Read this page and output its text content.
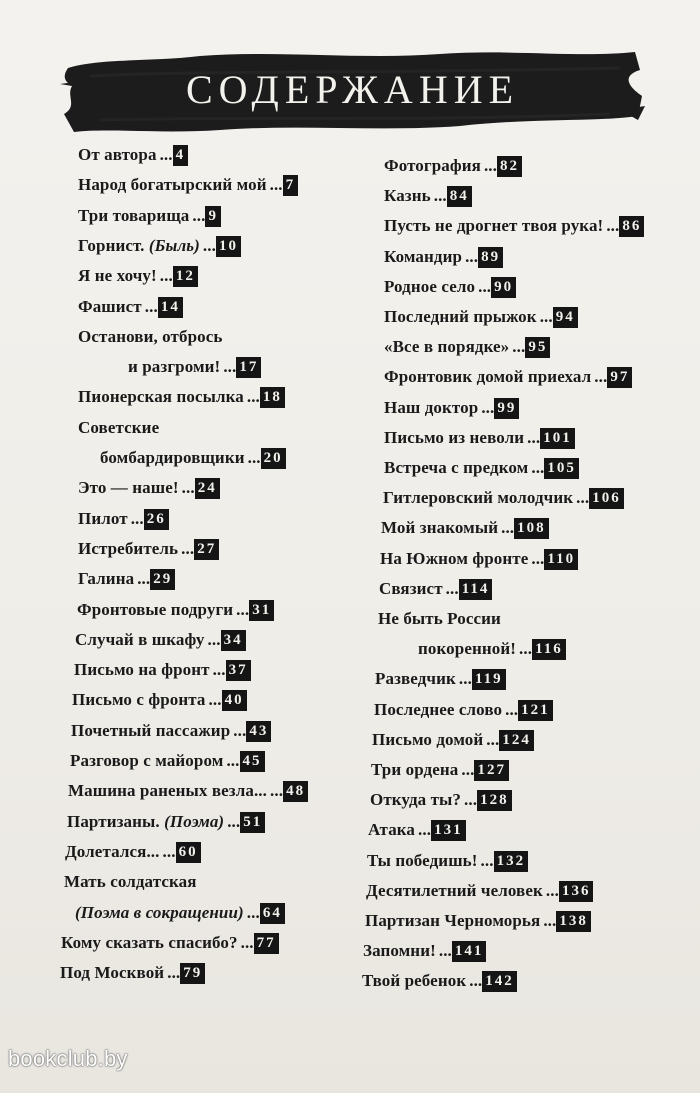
СОДЕРЖАНИЕ
От автора ... 4
Народ богатырский мой ... 7
Три товарища ... 9
Горнист. (Быль) ... 10
Я не хочу! ... 12
Фашист ... 14
Останови, отбрось
и разгроми! ... 17
Пионерская посылка ... 18
Советские
бомбардировщики ... 20
Это — наше! ... 24
Пилот ... 26
Истребитель ... 27
Галина ... 29
Фронтовые подруги ... 31
Случай в шкафу ... 34
Письмо на фронт ... 37
Письмо с фронта ... 40
Почетный пассажир ... 43
Разговор с майором ... 45
Машина раненых везла... ... 48
Партизаны. (Поэма) ... 51
Долетался... ... 60
Мать солдатская
(Поэма в сокращении) ... 64
Кому сказать спасибо? ... 77
Под Москвой ... 79
Фотография ... 82
Казнь ... 84
Пусть не дрогнет твоя рука! ... 86
Командир ... 89
Родное село ... 90
Последний прыжок ... 94
«Все в порядке» ... 95
Фронтовик домой приехал ... 97
Наш доктор ... 99
Письмо из неволи ... 101
Встреча с предком ... 105
Гитлеровский молодчик ... 106
Мой знакомый ... 108
На Южном фронте ... 110
Связист ... 114
Не быть России
покоренной! ... 116
Разведчик ... 119
Последнее слово ... 121
Письмо домой ... 124
Три ордена ... 127
Откуда ты? ... 128
Атака ... 131
Ты победишь! ... 132
Десятилетний человек ... 136
Партизан Черноморья ... 138
Запомни! ... 141
Твой ребенок ... 142
bookclub.by
